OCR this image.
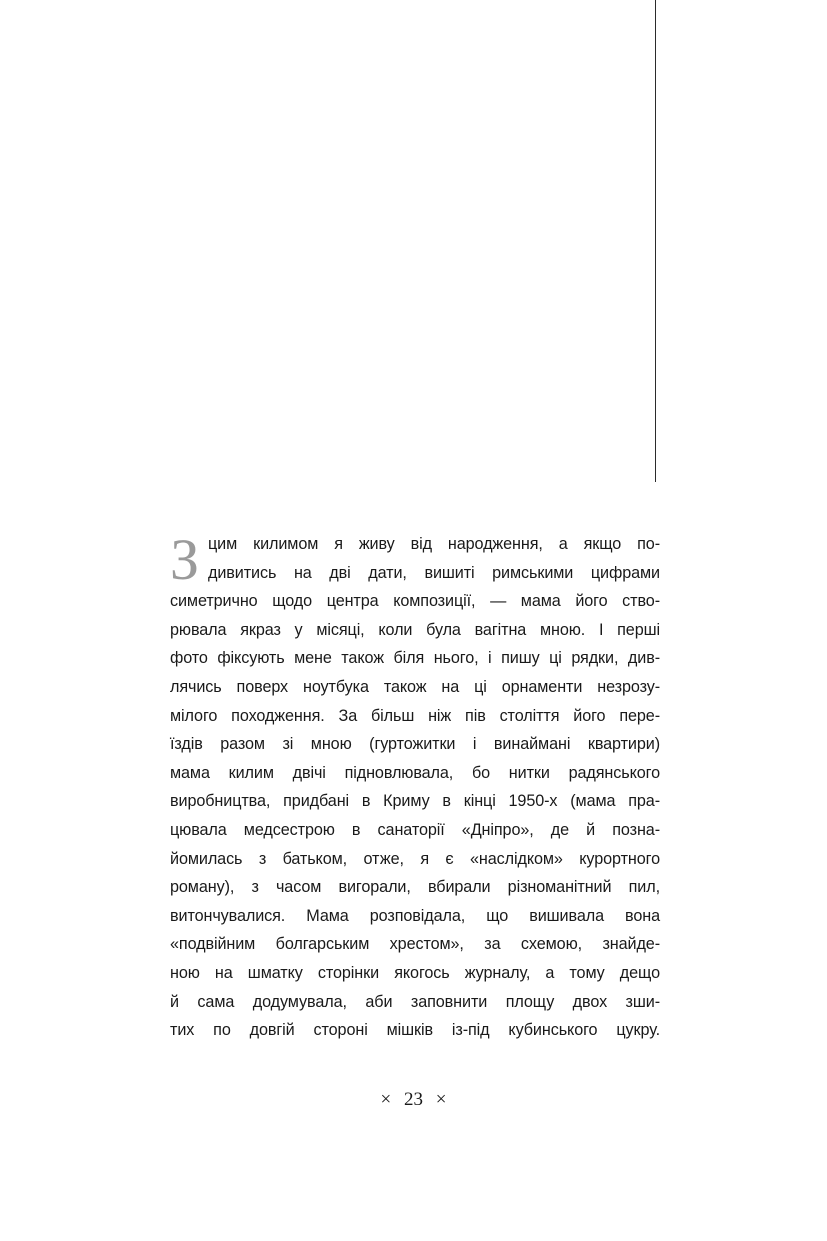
З цим килимом я живу від народження, а якщо по-
дивитись на дві дати, вишиті римськими цифрами
симетрично щодо центра композиції, — мама його ство-
рювала якраз у місяці, коли була вагітна мною. І перші
фото фіксують мене також біля нього, і пишу ці рядки, див-
лячись поверх ноутбука також на ці орнаменти незрозу-
мілого походження. За більш ніж пів століття його пере-
їздів разом зі мною (гуртожитки і винаймані квартири)
мама килим двічі підновлювала, бо нитки радянського
виробництва, придбані в Криму в кінці 1950-х (мама пра-
цювала медсестрою в санаторії «Дніпро», де й позна-
йомилась з батьком, отже, я є «наслідком» курортного
роману), з часом вигорали, вбирали різноманітний пил,
витончувалися. Мама розповідала, що вишивала вона
«подвійним болгарським хрестом», за схемою, знайде-
ною на шматку сторінки якогось журналу, а тому дещо
й сама додумувала, аби заповнити площу двох зши-
тих по довгій стороні мішків із-під кубинського цукру.
× 23 ×
